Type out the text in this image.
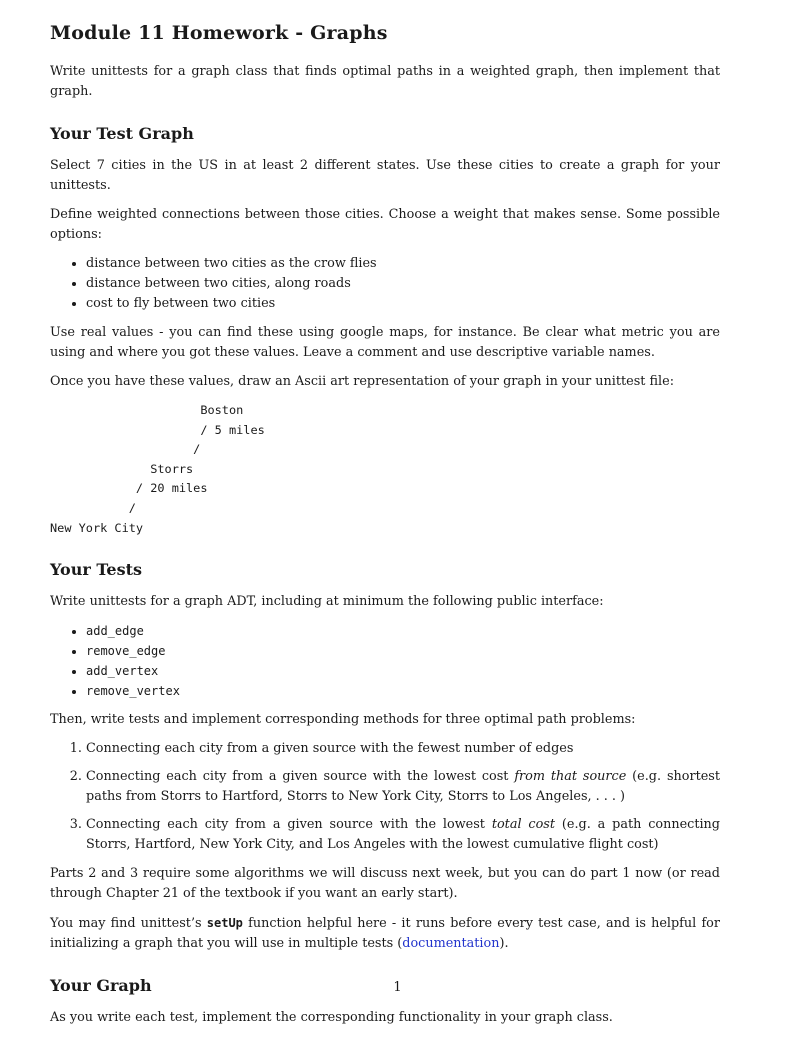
Module 11 Homework - Graphs

Write unittests for a graph class that finds optimal paths in a weighted graph, then implement that graph.

Your Test Graph

Select 7 cities in the US in at least 2 different states. Use these cities to create a graph for your unittests.

Define weighted connections between those cities. Choose a weight that makes sense. Some possible options:

• distance between two cities as the crow flies
• distance between two cities, along roads
• cost to fly between two cities

Use real values - you can find these using google maps, for instance. Be clear what metric you are using and where you got these values. Leave a comment and use descriptive variable names.

Once you have these values, draw an Ascii art representation of your graph in your unittest file:

Boston
/ 5 miles
/
Storrs
/ 20 miles
/
New York City
Your Tests

Write unittests for a graph ADT, including at minimum the following public interface:

• add_edge
• remove_edge
• add_vertex
• remove_vertex

Then, write tests and implement corresponding methods for three optimal path problems:

1. Connecting each city from a given source with the fewest number of edges
2. Connecting each city from a given source with the lowest cost from that source (e.g. shortest paths from Storrs to Hartford, Storrs to New York City, Storrs to Los Angeles, . . . )
3. Connecting each city from a given source with the lowest total cost (e.g. a path connecting Storrs, Hartford, New York City, and Los Angeles with the lowest cumulative flight cost)

Parts 2 and 3 require some algorithms we will discuss next week, but you can do part 1 now (or read through Chapter 21 of the textbook if you want an early start).

You may find unittest’s setUp function helpful here - it runs before every test case, and is helpful for initializing a graph that you will use in multiple tests (documentation).

Your Graph

As you write each test, implement the corresponding functionality in your graph class.

1
